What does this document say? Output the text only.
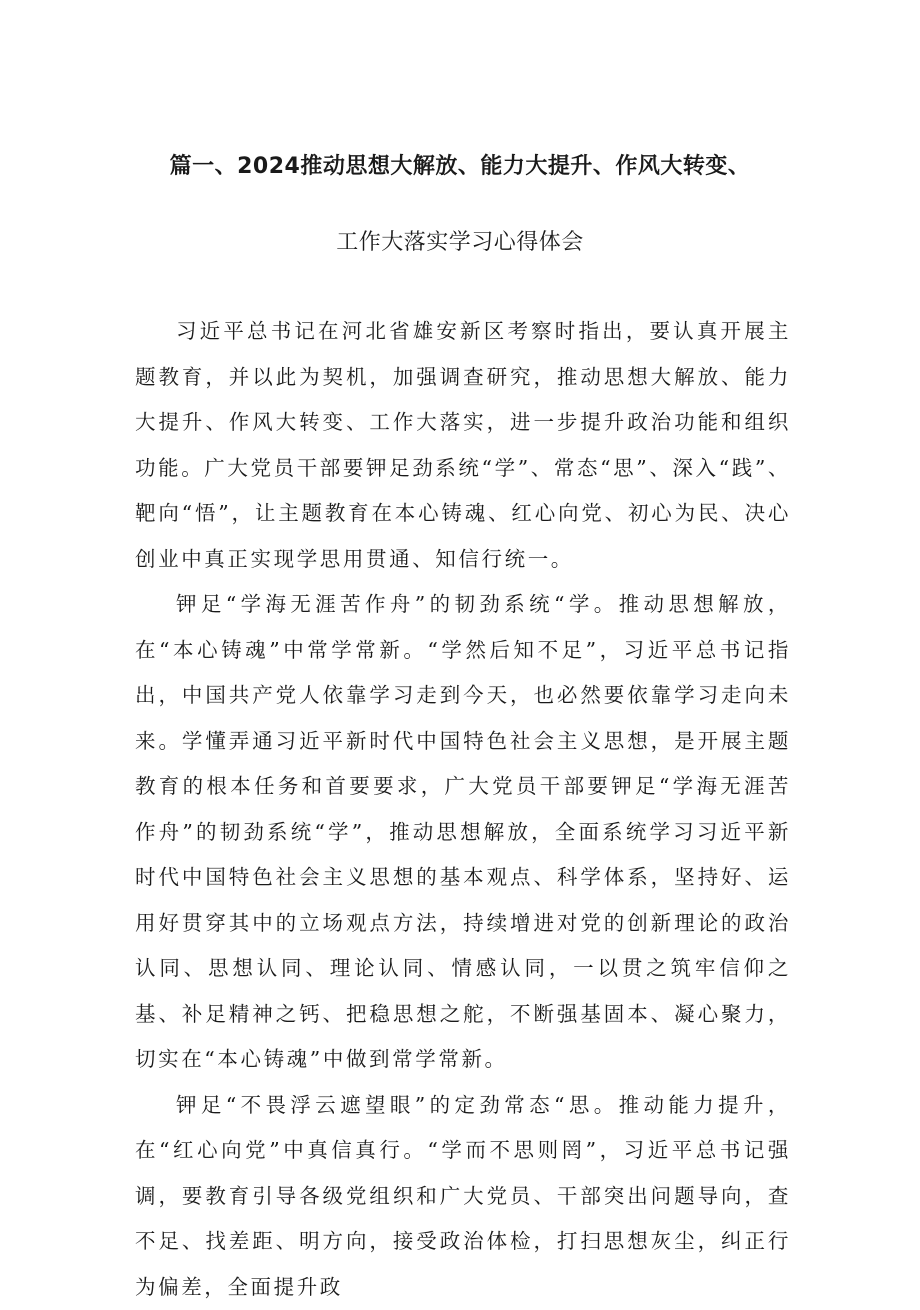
篇一、2024推动思想大解放、能力大提升、作风大转变、
工作大落实学习心得体会

习近平总书记在河北省雄安新区考察时指出，要认真开展主题教育，并以此为契机，加强调查研究，推动思想大解放、能力大提升、作风大转变、工作大落实，进一步提升政治功能和组织功能。广大党员干部要钾足劲系统“学”、常态“思”、深入“践”、靶向“悟”，让主题教育在本心铸魂、红心向党、初心为民、决心创业中真正实现学思用贯通、知信行统一。

钾足“学海无涯苦作舟”的韧劲系统“学。推动思想解放，在“本心铸魂”中常学常新。“学然后知不足”，习近平总书记指出，中国共产党人依靠学习走到今天，也必然要依靠学习走向未来。学懂弄通习近平新时代中国特色社会主义思想，是开展主题教育的根本任务和首要要求，广大党员干部要钾足“学海无涯苦作舟”的韧劲系统“学”，推动思想解放，全面系统学习习近平新时代中国特色社会主义思想的基本观点、科学体系，坚持好、运用好贯穿其中的立场观点方法，持续增进对党的创新理论的政治认同、思想认同、理论认同、情感认同，一以贯之筑牢信仰之基、补足精神之钙、把稳思想之舵，不断强基固本、凝心聚力，切实在“本心铸魂”中做到常学常新。

钾足“不畏浮云遮望眼”的定劲常态“思。推动能力提升，在“红心向党”中真信真行。“学而不思则罔”，习近平总书记强调，要教育引导各级党组织和广大党员、干部突出问题导向，查不足、找差距、明方向，接受政治体检，打扫思想灰尘，纠正行为偏差，全面提升政
